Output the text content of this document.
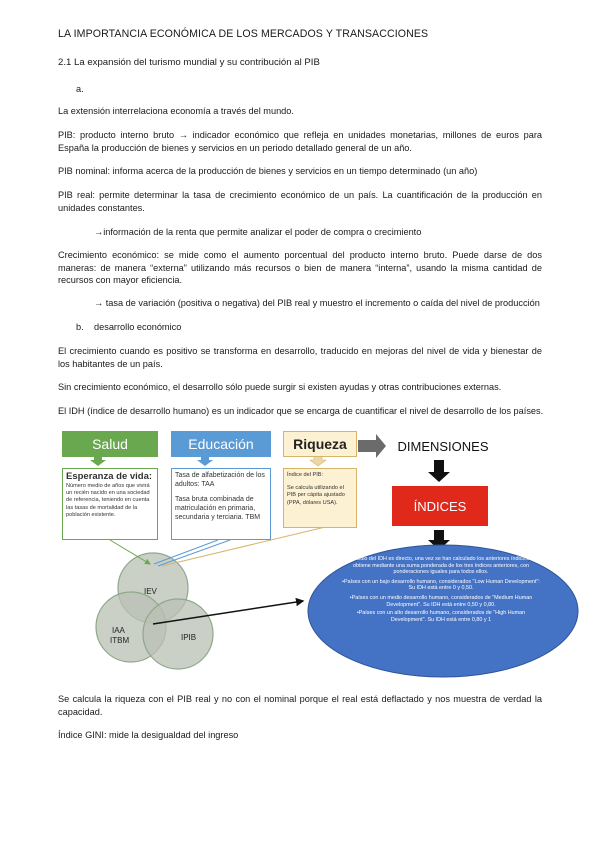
LA IMPORTANCIA ECONÓMICA DE LOS MERCADOS Y TRANSACCIONES

2.1 La expansión del turismo mundial y su contribución al PIB

a.

La extensión interrelaciona economía a través del mundo.

PIB: producto interno bruto → indicador económico que refleja en unidades monetarias, millones de euros para España la producción de bienes y servicios en un periodo detallado general de un año.

PIB nominal: informa acerca de la producción de bienes y servicios en un tiempo determinado (un año)

PIB real: permite determinar la tasa de crecimiento económico de un país. La cuantificación de la producción en unidades constantes.

→información de la renta que permite analizar el poder de compra o crecimiento

Crecimiento económico: se mide como el aumento porcentual del producto interno bruto. Puede darse de dos maneras: de manera “externa” utilizando más recursos o bien de manera “interna”, usando la misma cantidad de recursos con mayor eficiencia.

→ tasa de variación (positiva o negativa) del PIB real y muestro el incremento o caída del nivel de producción

b. desarrollo económico

El crecimiento cuando es positivo se transforma en desarrollo, traducido en mejoras del nivel de vida y bienestar de los habitantes de un país.

Sin crecimiento económico, el desarrollo sólo puede surgir si existen ayudas y otras contribuciones externas.

El IDH (índice de desarrollo humano) es un indicador que se encarga de cuantificar el nivel de desarrollo de los países.

Salud	Educación	Riqueza	DIMENSIONES
ÍNDICES
Esperanza de vida:
Número medio de años que vivirá un recién nacido en una sociedad de referencia, teniendo en cuenta las tasas de mortalidad de la población existente.
Tasa de alfabetización de los adultos: TAA
Tasa bruta combinada de matriculación en primaria, secundaria y terciaria. TBM
Índice del PIB:
Se calcula utilizando el PIB per cápita ajustado (PPA, dólares USA).
IEV
IAA
ITBM	IPIB
El cálculo del IDH es directo, una vez se han calculado los anteriores índices. Se obtiene mediante una suma ponderada de los tres índices anteriores, con ponderaciones iguales para todos ellos.
•Países con un bajo desarrollo humano, considerados "Low Human Development": Su IDH está entre 0 y 0,50.
•Países con un medio desarrollo humano, considerados de "Medium Human Development". Su IDH está entre 0,50 y 0,80.
•Países con un alto desarrollo humano, considerados de "High Human Development". Su IDH está entre 0,80 y 1

Se calcula la riqueza con el PIB real y no con el nominal porque el real está deflactado y nos muestra de verdad la capacidad.

Índice GINI: mide la desigualdad del ingreso
